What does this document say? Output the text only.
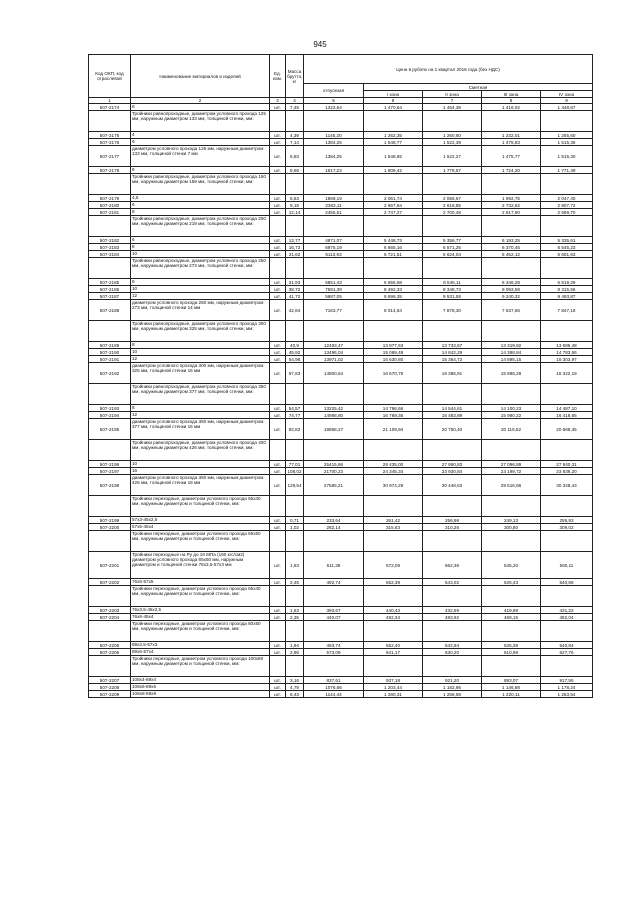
945
Код ОКП, код отраслевой	Наименование материалов и изделий	Ед. изм.	Масса брутто, кг	Цена в рублях на 1 квартал 2016 года (без НДС)				
				отпускная	Сметная			
					I зона	II зона	III зона	IV зона
1	2	3	4	5	6	7	8	9
507-2174	8	шт.	7,45	1322,64	1 470,64	1 454,38	1 416,02	1 448,67
	Тройники равнопроходные, диаметром условного прохода 125 мм, наружным диаметром 133 мм, толщиной стенки, мм:							
507-2175	4	шт.	4,39	1146,20	1 262,35	1 260,60	1 232,01	1 255,60
507-2176	6	шт.	7,14	1384,25	1 548,77	1 522,39	1 475,83	1 515,36
507-2177	диаметром условного прохода 125 мм, наружным диаметром 133 мм, толщиной стенки 7 мм	шт.	6,83	1384,25	1 548,65	1 522,27	1 475,77	1 515,30
507-2178	8	шт.	9,58	1617,23	1 809,42	1 778,57	1 724,20	1 771,39
	Тройники равнопроходные, диаметром условного прохода 150 мм, наружным диаметром 159 мм, толщиной стенки, мм:							
507-2179	4,5	шт.	5,63	1869,19	2 061,74	2 055,67	1 992,75	2 047,40
507-2180	6	шт.	9,18	2363,11	2 667,64	2 618,85	2 732,62	2 807,72
507-2181	8	шт.	12,14	2455,51	2 747,27	2 700,48	2 617,90	2 689,70
	Тройники равнопроходные, диаметром условного прохода 200 мм, наружным диаметром 219 мм, толщиной стенки, мм:							
507-2182	6	шт.	13,77	4871,07	5 448,73	5 356,77	5 193,25	5 335,61
507-2183	8	шт.	16,73	6975,19	6 665,16	6 571,25	6 370,45	6 545,23
507-2184	10	шт.	21,62	5113,63	5 721,51	5 624,04	5 452,12	5 601,63
	Тройники равнопроходные, диаметром условного прохода 250 мм, наружным диаметром 273 мм, толщиной стенки, мм:							
507-2185	8	шт.	31,93	5851,43	6 655,58	6 545,11	6 346,29	6 519,29
507-2186	10	шт.	38,72	7591,39	8 492,33	8 348,73	8 093,58	8 315,56
507-2187	12	шт.	41,72	5687,05	9 696,35	9 531,58	9 240,32	9 493,87
507-2188	диаметром условного прохода 250 мм, наружным диаметром 273 мм, толщиной стенки 14 мм	шт.	42,84	7163,77	8 014,64	7 878,30	7 637,56	7 847,18
	Тройники равнопроходные, диаметром условного прохода 300 мм, наружным диаметром 325 мм, толщиной стенки, мм:							
507-2189	8	шт.	40,9	12493,47	13 977,63	13 733,67	13 319,92	13 685,48
507-2190	10	шт.	45,92	13496,04	15 099,48	14 842,29	14 388,84	14 783,56
507-2191	12	шт.	54,96	13971,02	15 630,80	15 364,72	14 895,15	15 303,97
507-2192	диаметром условного прохода 300 мм, наружным диаметром 325 мм, толщиной стенки 16 мм	шт.	67,83	14900,64	16 670,76	16 386,91	15 886,28	16 322,19
	Тройники равнопроходные, диаметром условного прохода 350 мм, наружным диаметром 377 мм, толщиной стенки, мм:							
507-2193	8	шт.	54,57	13225,42	14 796,66	14 544,61	14 100,23	14 487,10
507-2194	12	шт.	74,77	14988,80	16 769,35	16 483,89	15 980,22	16 418,65
507-2195	диаметром условного прохода 350 мм, наружным диаметром 377 мм, толщиной стенки 16 мм	шт.	92,82	18868,27	21 109,94	20 750,40	20 116,52	20 668,45
	Тройники равнопроходные, диаметром условного прохода 400 мм, наружным диаметром 426 мм, толщиной стенки, мм:							
507-2196	10	шт.	77,01	25415,66	28 435,00	27 950,83	27 096,89	27 840,31
507-2197	16	шт.	108,02	21700,23	24 345,34	23 930,84	23 199,72	23 836,20
507-2198	диаметром условного прохода 350 мм, наружным диаметром 426 мм, толщиной стенки 18 мм	шт.	129,54	27585,21	30 974,29	30 448,63	29 516,66	30 328,43
	Тройники переходные, диаметром условного прохода 65х40 мм, наружным диаметром и толщиной стенки, мм:							
507-2199	57x3-45x2,5	шт.	0,71	233,64	261,42	256,96	249,13	255,93
507-2200	57x5-45x4	шт.	1,02	282,14	315,63	310,26	300,80	309,02
	Тройники переходные, диаметром условного прохода 65х50 мм, наружным диаметром и толщиной стенки, мм:							
507-2201	Тройники переходные на Ру до 16 МПа (160 кгс/см2) диаметром условного прохода 65х50 мм, наружным диаметром и толщиной стенки 76x3,5-57x3 мм	шт.	1,63	511,38	572,09	562,36	545,20	560,11
507-2202	76x5-57x5	шт.	2,45	492,74	552,39	543,02	526,43	540,86
	Тройники переходные, диаметром условного прохода 65х40 мм, наружным диаметром и толщиной стенки, мм:							
507-2203	76x3,5-45x2,5	шт.	1,53	393,67	440,43	432,59	419,69	431,22
507-2204	76x6-45x4	шт.	2,35	440,07	492,34	483,92	469,15	482,04
	Тройники переходные, диаметром условного прохода 80х50 мм, наружным диаметром и толщиной стенки, мм:							
507-2205	89x3,5-57x3	шт.	1,94	493,74	552,40	542,94	526,38	540,84
507-2206	89x6-57x4	шт.	2,86	573,09	641,17	630,20	610,98	627,76
	Тройники переходные, диаметром условного прохода 100х80 мм, наружным диаметром и толщиной стенки, мм:							
507-2207	108x4-89x4	шт.	3,16	837,61	937,18	921,20	893,07	917,55
507-2208	108x6-89x6	шт.	4,79	1076,66	1 203,44	1 182,95	1 146,88	1 178,24
507-2209	108x8-89x8	шт.	6,43	1144,44	1 280,31	1 258,58	1 220,11	1 253,54
